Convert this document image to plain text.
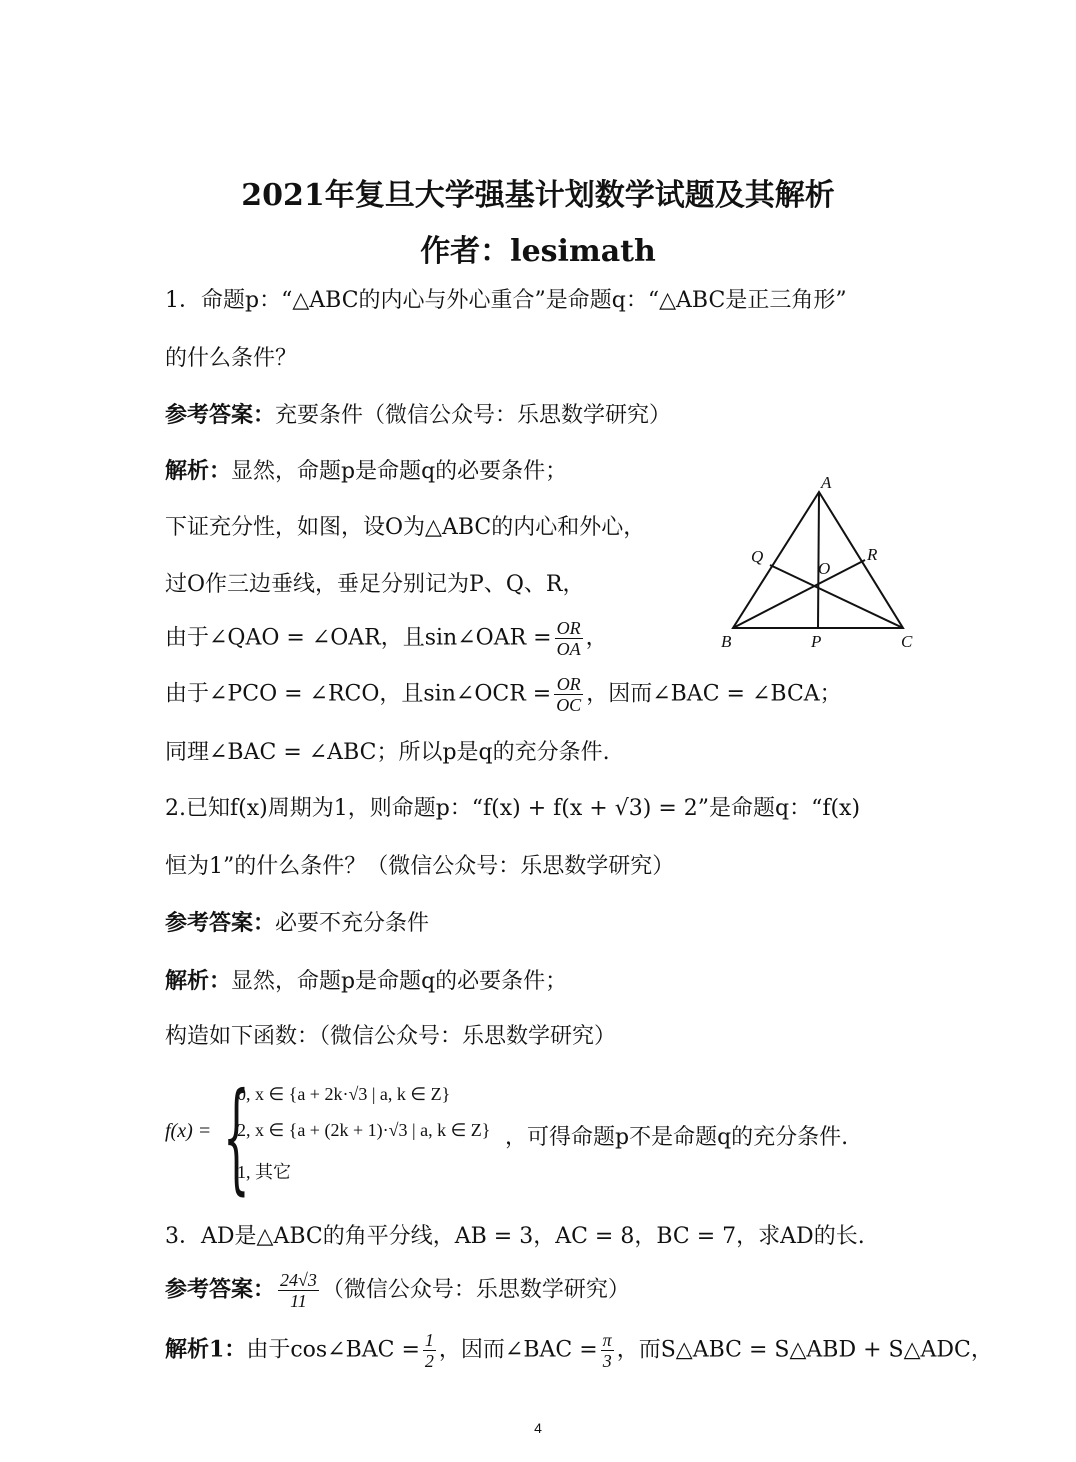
2021年复旦大学强基计划数学试题及其解析
作者：lesimath
1．命题p：“△ABC的内心与外心重合”是命题q：“△ABC是正三角形”
的什么条件？
参考答案：充要条件（微信公众号：乐思数学研究）
解析：显然，命题p是命题q的必要条件；
下证充分性，如图，设O为△ABC的内心和外心，
过O作三边垂线，垂足分别记为P、Q、R，
由于∠QAO = ∠OAR，且sin∠OAR = $\frac{OR}{OA}$ ，
由于∠PCO = ∠RCO，且sin∠OCR = $\frac{OR}{OC}$ ，因而∠BAC = ∠BCA；
同理∠BAC = ∠ABC；所以p是q的充分条件.
A
B	C
P
Q	R
O
2.已知f(x)周期为1，则命题p：“f(x) + f(x + √3) = 2”是命题q：“f(x)
恒为1”的什么条件？（微信公众号：乐思数学研究）
参考答案：必要不充分条件
解析：显然，命题p是命题q的必要条件；
构造如下函数：（微信公众号：乐思数学研究）
f(x) = {
0, x ∈ {a + 2k·√3 | a, k ∈ Z}
2, x ∈ {a + (2k + 1)·√3 | a, k ∈ Z}
1, 其它
，可得命题p不是命题q的充分条件.
3．AD是△ABC的角平分线，AB = 3，AC = 8，BC = 7，求AD的长.
参考答案： $\frac{24√3}{11}$ （微信公众号：乐思数学研究）
解析1：由于cos∠BAC = $\frac{1}{2}$ ，因而∠BAC = $\frac{\pi}{3}$ ，而S△ABC = S△ABD + S△ADC，
4
